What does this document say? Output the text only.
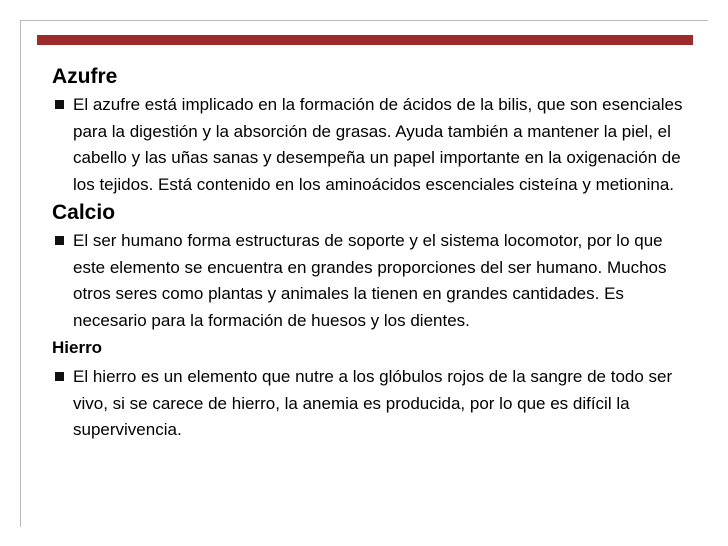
Azufre
El azufre está implicado en la formación de ácidos de la bilis, que son esenciales para la digestión y la absorción de grasas. Ayuda también a mantener la piel, el cabello y las uñas sanas y desempeña un papel importante en la oxigenación de los tejidos. Está contenido en los aminoácidos escenciales cisteína y metionina.
Calcio
El ser humano forma estructuras de soporte y el sistema locomotor, por lo que este elemento se encuentra en grandes proporciones del ser humano. Muchos otros seres como plantas y animales la tienen en grandes cantidades. Es necesario para la formación de huesos y los dientes.
Hierro
El hierro es un elemento que nutre a los glóbulos rojos de la sangre de todo ser vivo, si se carece de hierro, la anemia es producida, por lo que es difícil la supervivencia.
